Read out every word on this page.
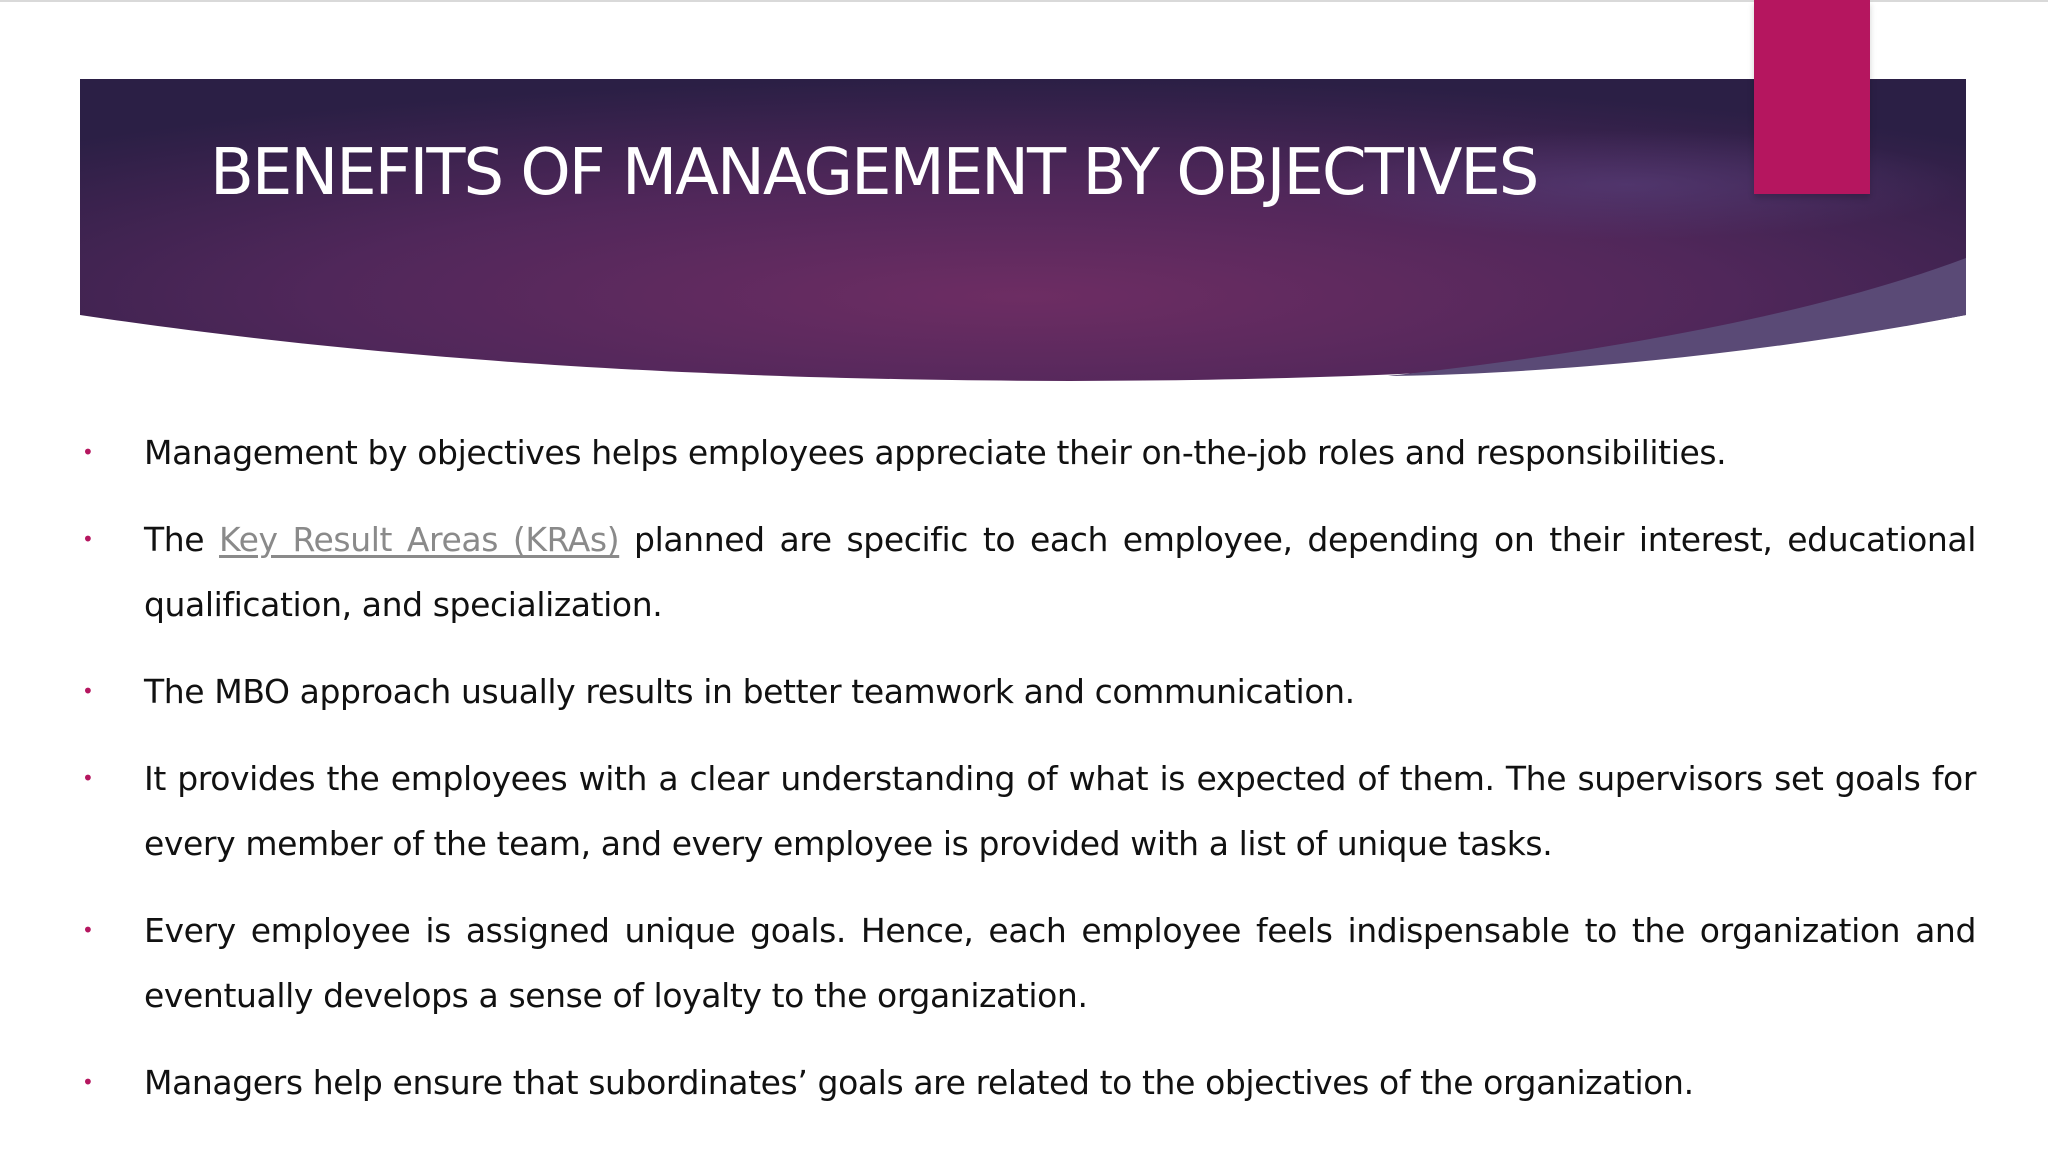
BENEFITS OF MANAGEMENT BY OBJECTIVES
•	Management by objectives helps employees appreciate their on-the-job roles and responsibilities.
•	The Key Result Areas (KRAs) planned are specific to each employee, depending on their interest, educational qualification, and specialization.
•	The MBO approach usually results in better teamwork and communication.
•	It provides the employees with a clear understanding of what is expected of them. The supervisors set goals for every member of the team, and every employee is provided with a list of unique tasks.
•	Every employee is assigned unique goals. Hence, each employee feels indispensable to the organization and eventually develops a sense of loyalty to the organization.
•	Managers help ensure that subordinates’ goals are related to the objectives of the organization.
